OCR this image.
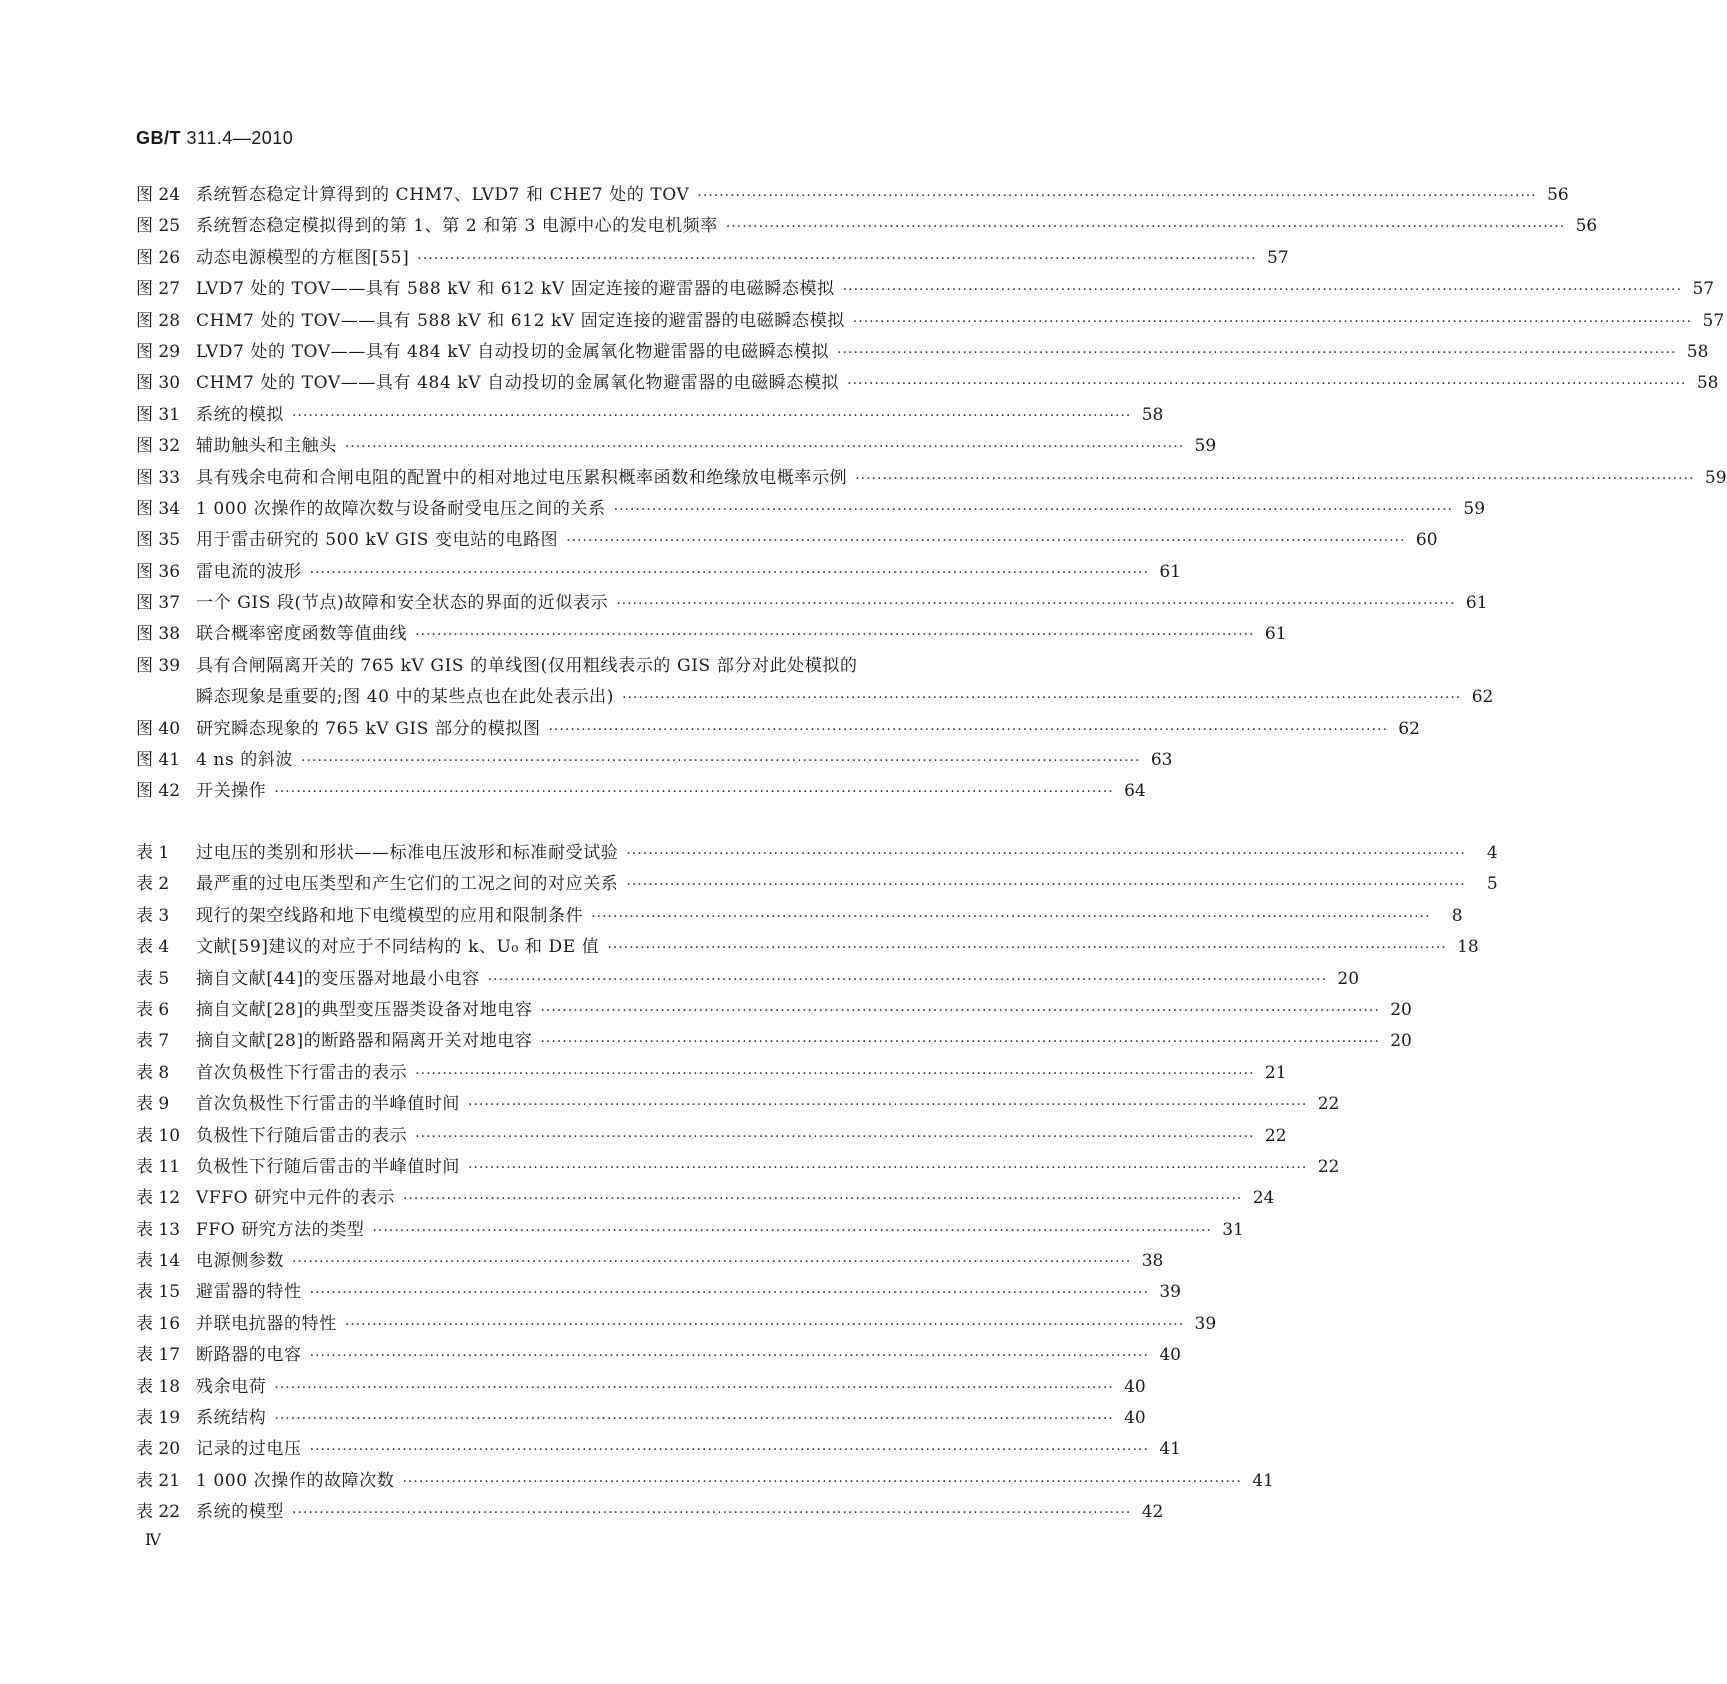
GB/T 311.4—2010
图 24 系统暂态稳定计算得到的 CHM7、LVD7 和 CHE7 处的 TOV ·····	56
图 25 系统暂态稳定模拟得到的第 1、第 2 和第 3 电源中心的发电机频率 ·····	56
图 26 动态电源模型的方框图[55] ·····	57
图 27 LVD7 处的 TOV——具有 588 kV 和 612 kV 固定连接的避雷器的电磁瞬态模拟 ·····	57
图 28 CHM7 处的 TOV——具有 588 kV 和 612 kV 固定连接的避雷器的电磁瞬态模拟 ·····	57
图 29 LVD7 处的 TOV——具有 484 kV 自动投切的金属氧化物避雷器的电磁瞬态模拟 ·····	58
图 30 CHM7 处的 TOV——具有 484 kV 自动投切的金属氧化物避雷器的电磁瞬态模拟 ·····	58
图 31 系统的模拟 ·····	58
图 32 辅助触头和主触头 ·····	59
图 33 具有残余电荷和合闸电阻的配置中的相对地过电压累积概率函数和绝缘放电概率示例 ·····	59
图 34 1 000 次操作的故障次数与设备耐受电压之间的关系 ·····	59
图 35 用于雷击研究的 500 kV GIS 变电站的电路图 ·····	60
图 36 雷电流的波形 ·····	61
图 37 一个 GIS 段(节点)故障和安全状态的界面的近似表示 ·····	61
图 38 联合概率密度函数等值曲线 ·····	61
图 39 具有合闸隔离开关的 765 kV GIS 的单线图(仅用粗线表示的 GIS 部分对此处模拟的
瞬态现象是重要的;图 40 中的某些点也在此处表示出) ·····	62
图 40 研究瞬态现象的 765 kV GIS 部分的模拟图 ·····	62
图 41 4 ns 的斜波 ·····	63
图 42 开关操作 ·····	64
表 1	过电压的类别和形状——标准电压波形和标准耐受试验 ·····	4
表 2	最严重的过电压类型和产生它们的工况之间的对应关系 ·····	5
表 3	现行的架空线路和地下电缆模型的应用和限制条件 ·····	8
表 4	文献[59]建议的对应于不同结构的 k、U₀ 和 DE 值 ·····	18
表 5	摘自文献[44]的变压器对地最小电容 ·····	20
表 6	摘自文献[28]的典型变压器类设备对地电容 ·····	20
表 7	摘自文献[28]的断路器和隔离开关对地电容 ·····	20
表 8	首次负极性下行雷击的表示 ·····	21
表 9	首次负极性下行雷击的半峰值时间 ·····	22
表 10 负极性下行随后雷击的表示 ·····	22
表 11 负极性下行随后雷击的半峰值时间 ·····	22
表 12 VFFO 研究中元件的表示 ·····	24
表 13 FFO 研究方法的类型 ·····	31
表 14 电源侧参数 ·····	38
表 15 避雷器的特性 ·····	39
表 16 并联电抗器的特性 ·····	39
表 17 断路器的电容 ·····	40
表 18 残余电荷 ·····	40
表 19 系统结构 ·····	40
表 20 记录的过电压 ·····	41
表 21 1 000 次操作的故障次数 ·····	41
表 22 系统的模型 ·····	42
Ⅳ
